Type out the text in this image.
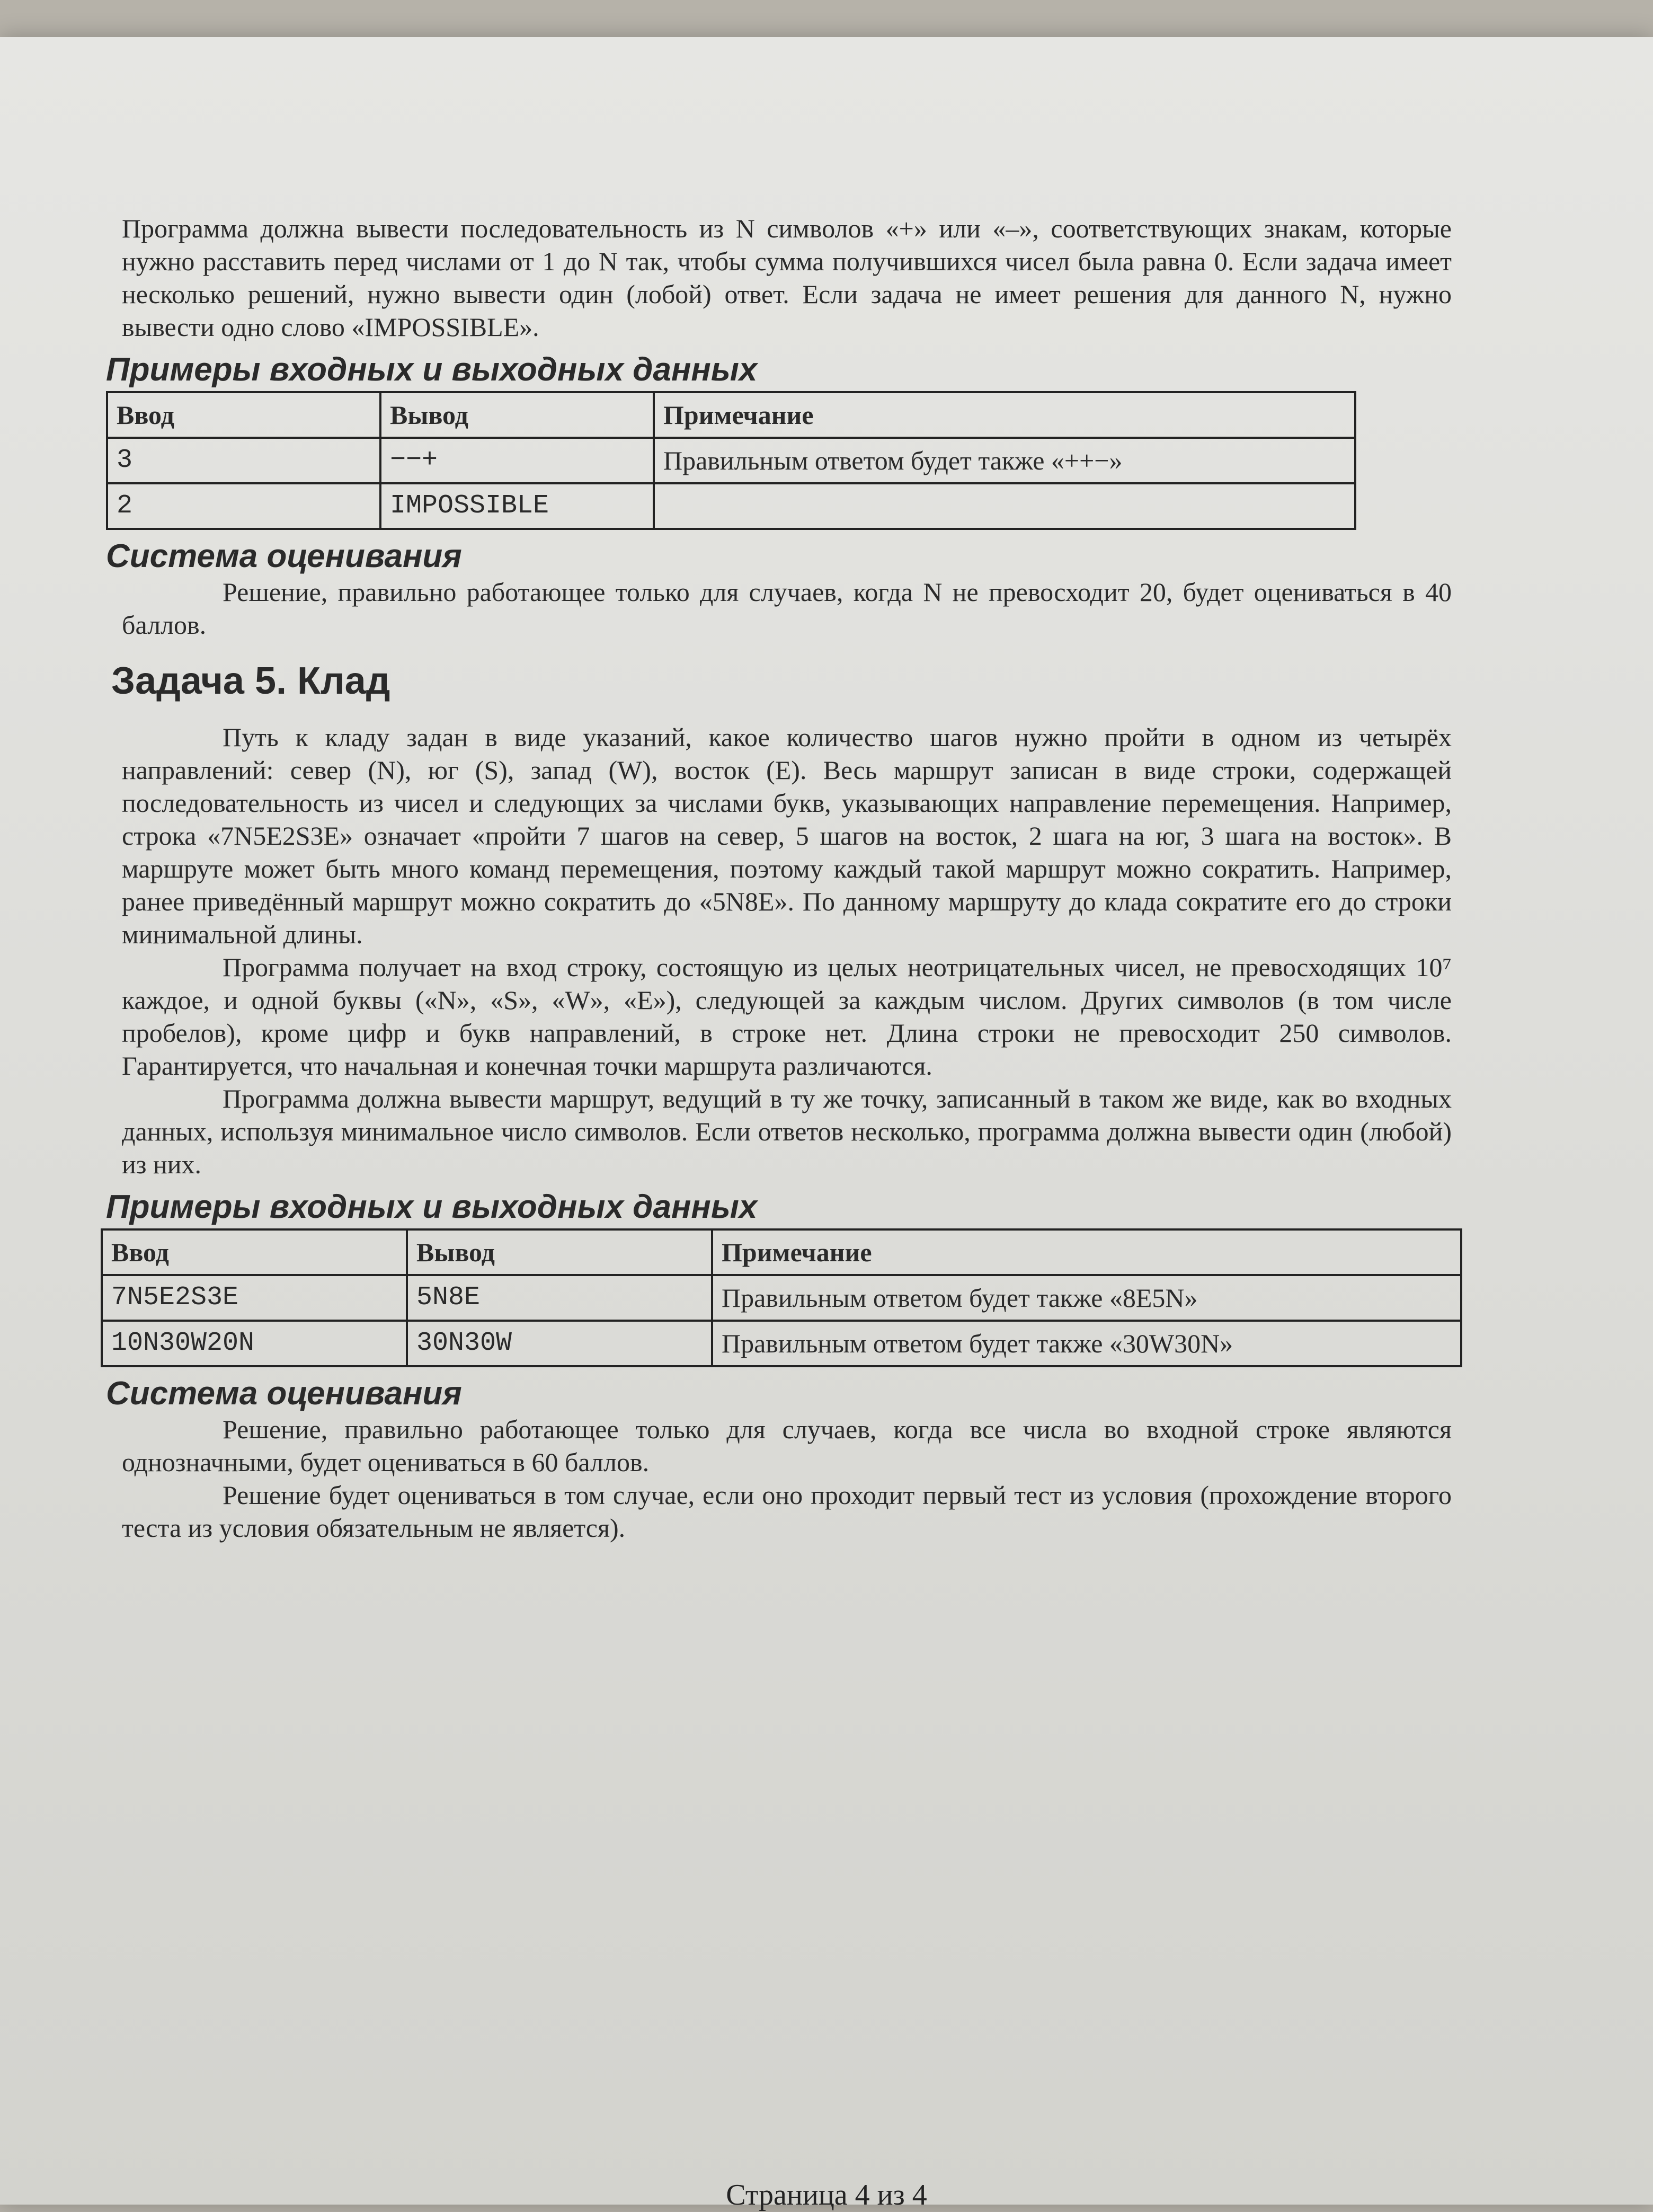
Программа должна вывести последовательность из N символов «+» или «–», соответствующих знакам, которые нужно расставить перед числами от 1 до N так, чтобы сумма получившихся чисел была равна 0. Если задача имеет несколько решений, нужно вывести один (лобой) ответ. Если задача не имеет решения для данного N, нужно вывести одно слово «IMPOSSIBLE».

Примеры входных и выходных данных
Ввод	Вывод	Примечание
3	−−+	Правильным ответом будет также «++−»
2	IMPOSSIBLE	
Система оценивания

Решение, правильно работающее только для случаев, когда N не превосходит 20, будет оцениваться в 40 баллов.

Задача 5. Клад

Путь к кладу задан в виде указаний, какое количество шагов нужно пройти в одном из четырёх направлений: север (N), юг (S), запад (W), восток (E). Весь маршрут записан в виде строки, содержащей последовательность из чисел и следующих за числами букв, указывающих направление перемещения. Например, строка «7N5E2S3E» означает «пройти 7 шагов на север, 5 шагов на восток, 2 шага на юг, 3 шага на восток». В маршруте может быть много команд перемещения, поэтому каждый такой маршрут можно сократить. Например, ранее приведённый маршрут можно сократить до «5N8E». По данному маршруту до клада сократите его до строки минимальной длины.

Программа получает на вход строку, состоящую из целых неотрицательных чисел, не превосходящих 10⁷ каждое, и одной буквы («N», «S», «W», «E»), следующей за каждым числом. Других символов (в том числе пробелов), кроме цифр и букв направлений, в строке нет. Длина строки не превосходит 250 символов. Гарантируется, что начальная и конечная точки маршрута различаются.

Программа должна вывести маршрут, ведущий в ту же точку, записанный в таком же виде, как во входных данных, используя минимальное число символов. Если ответов несколько, программа должна вывести один (любой) из них.

Примеры входных и выходных данных
Ввод	Вывод	Примечание
7N5E2S3E	5N8E	Правильным ответом будет также «8E5N»
10N30W20N	30N30W	Правильным ответом будет также «30W30N»
Система оценивания

Решение, правильно работающее только для случаев, когда все числа во входной строке являются однозначными, будет оцениваться в 60 баллов.

Решение будет оцениваться в том случае, если оно проходит первый тест из условия (прохождение второго теста из условия обязательным не является).

Страница 4 из 4
